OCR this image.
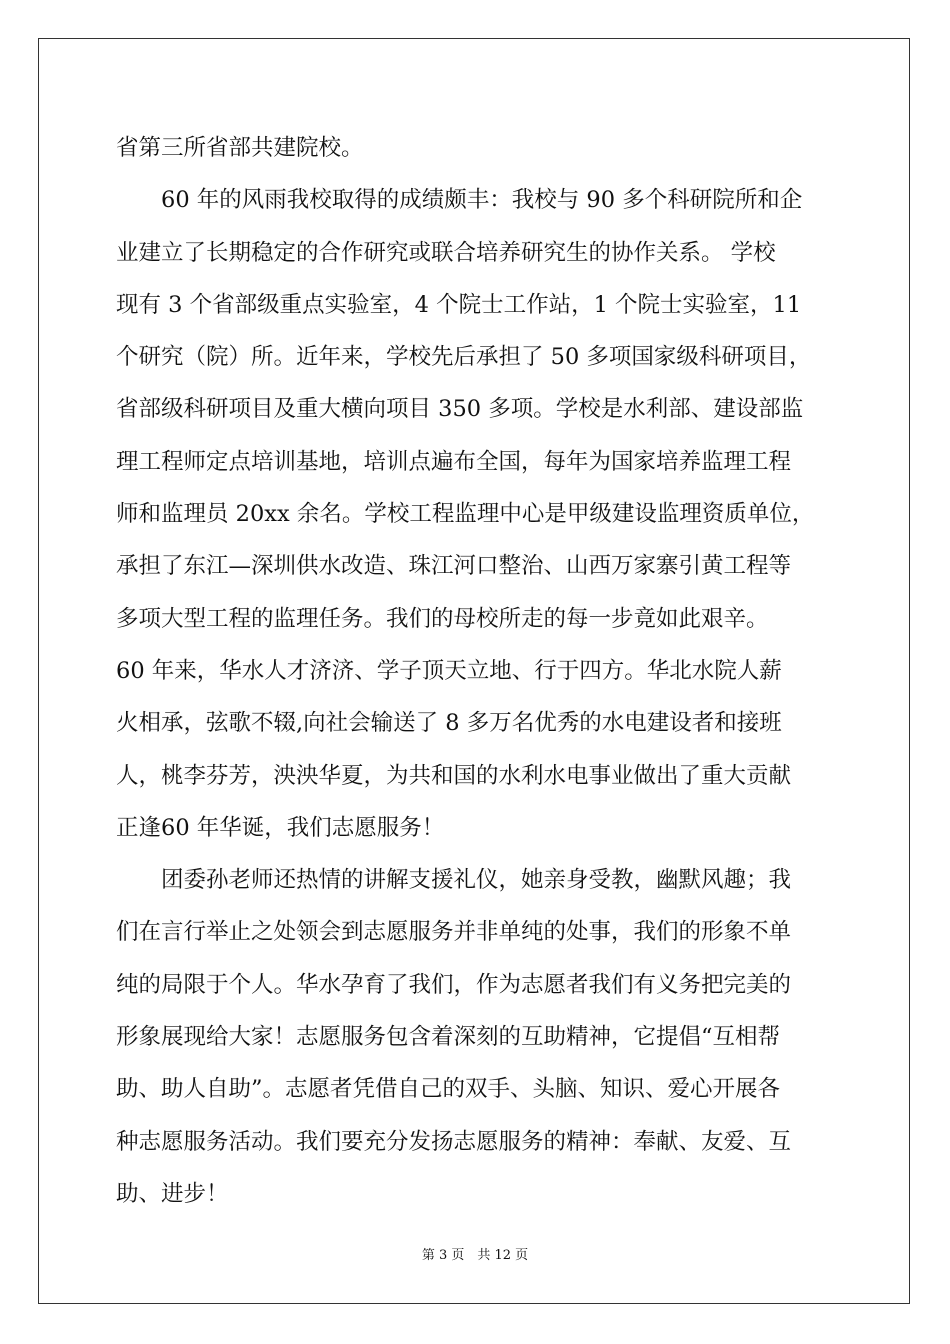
省第三所省部共建院校。
　　60 年的风雨我校取得的成绩颇丰：我校与 90 多个科研院所和企
业建立了长期稳定的合作研究或联合培养研究生的协作关系。 学校
现有 3 个省部级重点实验室，4 个院士工作站，1 个院士实验室，11
个研究（院）所。近年来，学校先后承担了 50 多项国家级科研项目，
省部级科研项目及重大横向项目 350 多项。学校是水利部、建设部监
理工程师定点培训基地，培训点遍布全国，每年为国家培养监理工程
师和监理员 20xx 余名。学校工程监理中心是甲级建设监理资质单位，
承担了东江—深圳供水改造、珠江河口整治、山西万家寨引黄工程等
多项大型工程的监理任务。我们的母校所走的每一步竟如此艰辛。
60 年来，华水人才济济、学子顶天立地、行于四方。华北水院人薪
火相承，弦歌不辍,向社会输送了 8 多万名优秀的水电建设者和接班
人，桃李芬芳，泱泱华夏，为共和国的水利水电事业做出了重大贡献
正逢60 年华诞，我们志愿服务！
　　团委孙老师还热情的讲解支援礼仪，她亲身受教，幽默风趣；我
们在言行举止之处领会到志愿服务并非单纯的处事，我们的形象不单
纯的局限于个人。华水孕育了我们，作为志愿者我们有义务把完美的
形象展现给大家！志愿服务包含着深刻的互助精神，它提倡“互相帮
助、助人自助”。志愿者凭借自己的双手、头脑、知识、爱心开展各
种志愿服务活动。我们要充分发扬志愿服务的精神：奉献、友爱、互
助、进步！
第 3 页　共 12 页
